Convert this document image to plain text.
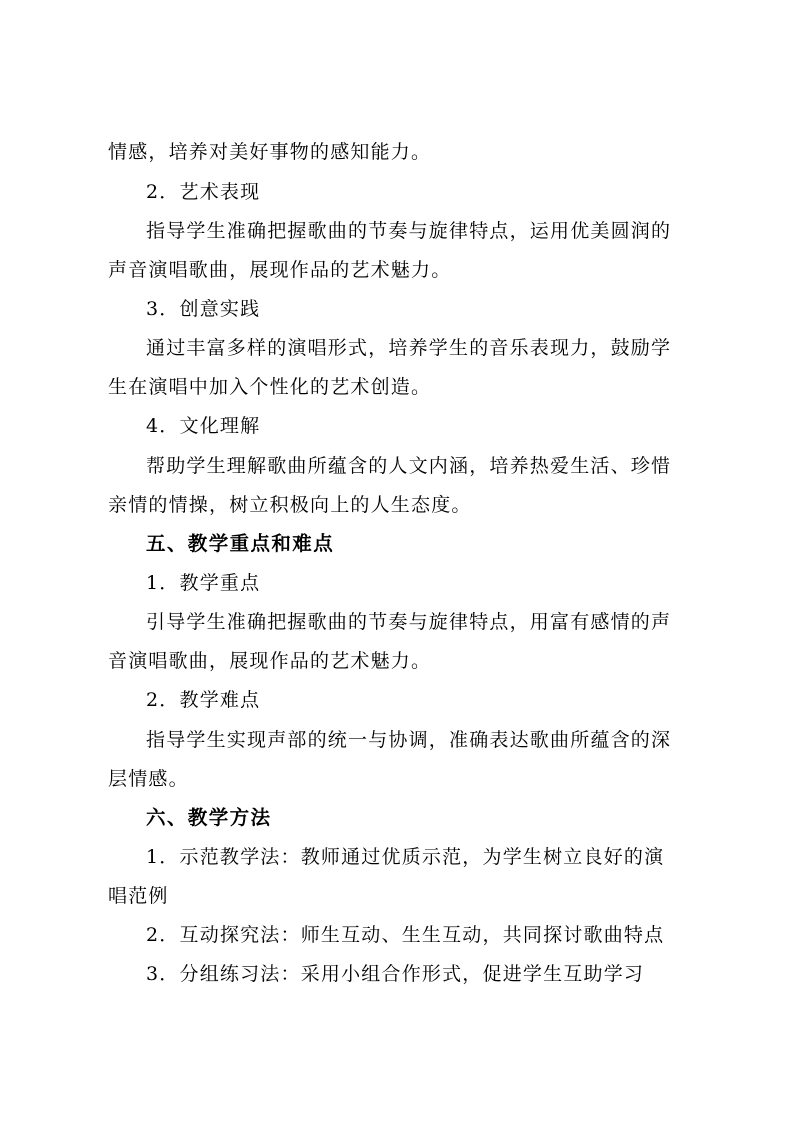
情感，培养对美好事物的感知能力。
2．艺术表现
指导学生准确把握歌曲的节奏与旋律特点，运用优美圆润的
声音演唱歌曲，展现作品的艺术魅力。
3．创意实践
通过丰富多样的演唱形式，培养学生的音乐表现力，鼓励学
生在演唱中加入个性化的艺术创造。
4．文化理解
帮助学生理解歌曲所蕴含的人文内涵，培养热爱生活、珍惜
亲情的情操，树立积极向上的人生态度。
五、教学重点和难点
1．教学重点
引导学生准确把握歌曲的节奏与旋律特点，用富有感情的声
音演唱歌曲，展现作品的艺术魅力。
2．教学难点
指导学生实现声部的统一与协调，准确表达歌曲所蕴含的深
层情感。
六、教学方法
1．示范教学法：教师通过优质示范，为学生树立良好的演
唱范例
2．互动探究法：师生互动、生生互动，共同探讨歌曲特点
3．分组练习法：采用小组合作形式，促进学生互助学习
